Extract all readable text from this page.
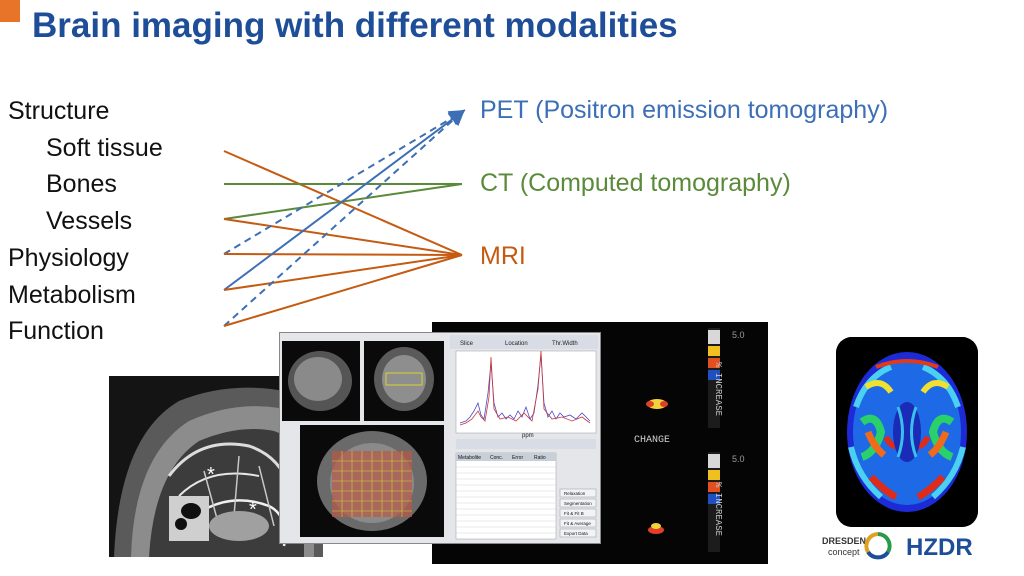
Brain imaging with different modalities
Structure
Soft tissue
Bones
Vessels
Physiology
Metabolism
Function
PET (Positron emission tomography)
CT (Computed tomography)
MRI
*
*
5.0
5.0
% INCREASE
% INCREASE
CHANGE
Slice	Location	Thr.Width
ppm
Metabolite Conc. Error Ratio
Relaxation
Segmentation
Fit & Fit B
Fit & Average
Export Data
DRESDEN
concept HZDR
